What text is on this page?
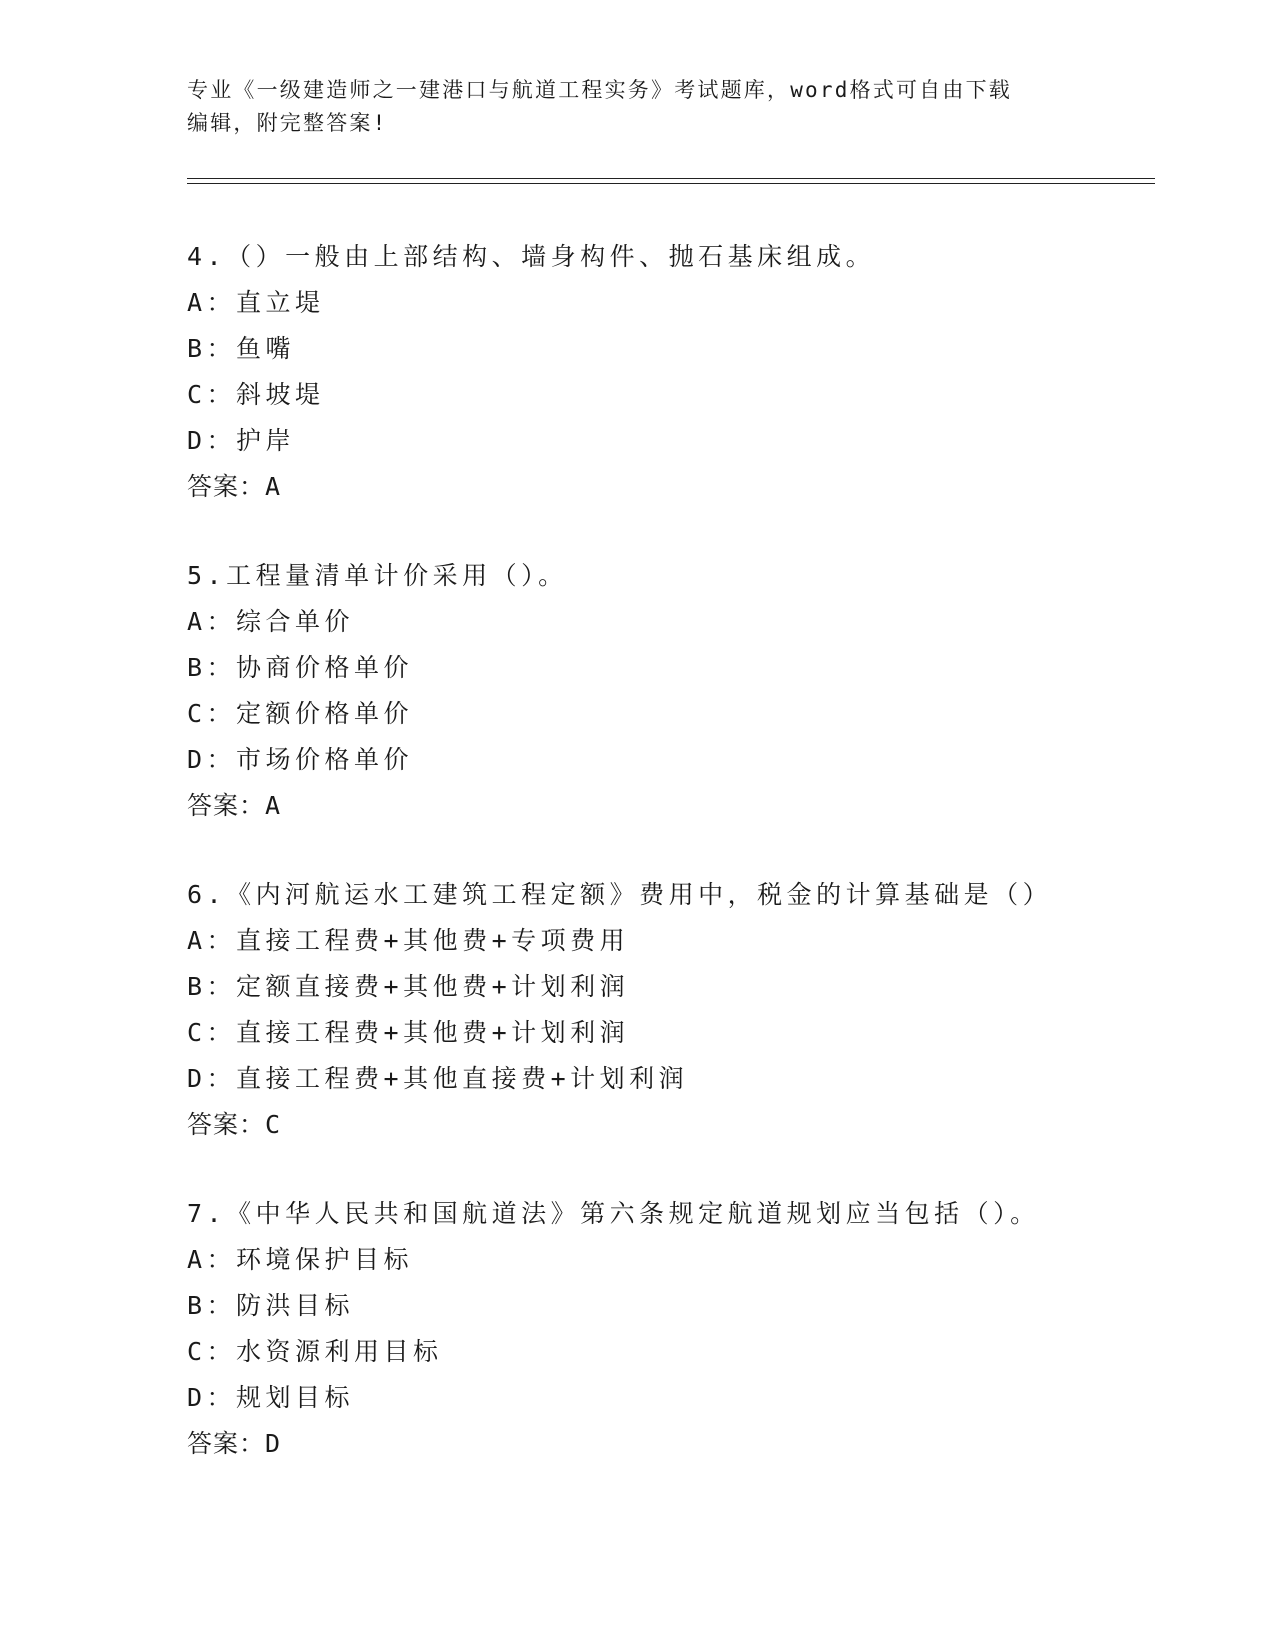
专业《一级建造师之一建港口与航道工程实务》考试题库，word格式可自由下载
编辑，附完整答案!
4.（）一般由上部结构、墙身构件、抛石基床组成。
A：直立堤
B：鱼嘴
C：斜坡堤
D：护岸
答案：A
5.工程量清单计价采用（）。
A：综合单价
B：协商价格单价
C：定额价格单价
D：市场价格单价
答案：A
6.《内河航运水工建筑工程定额》费用中，税金的计算基础是（）
A：直接工程费+其他费+专项费用
B：定额直接费+其他费+计划利润
C：直接工程费+其他费+计划利润
D：直接工程费+其他直接费+计划利润
答案：C
7.《中华人民共和国航道法》第六条规定航道规划应当包括（）。
A：环境保护目标
B：防洪目标
C：水资源利用目标
D：规划目标
答案：D
